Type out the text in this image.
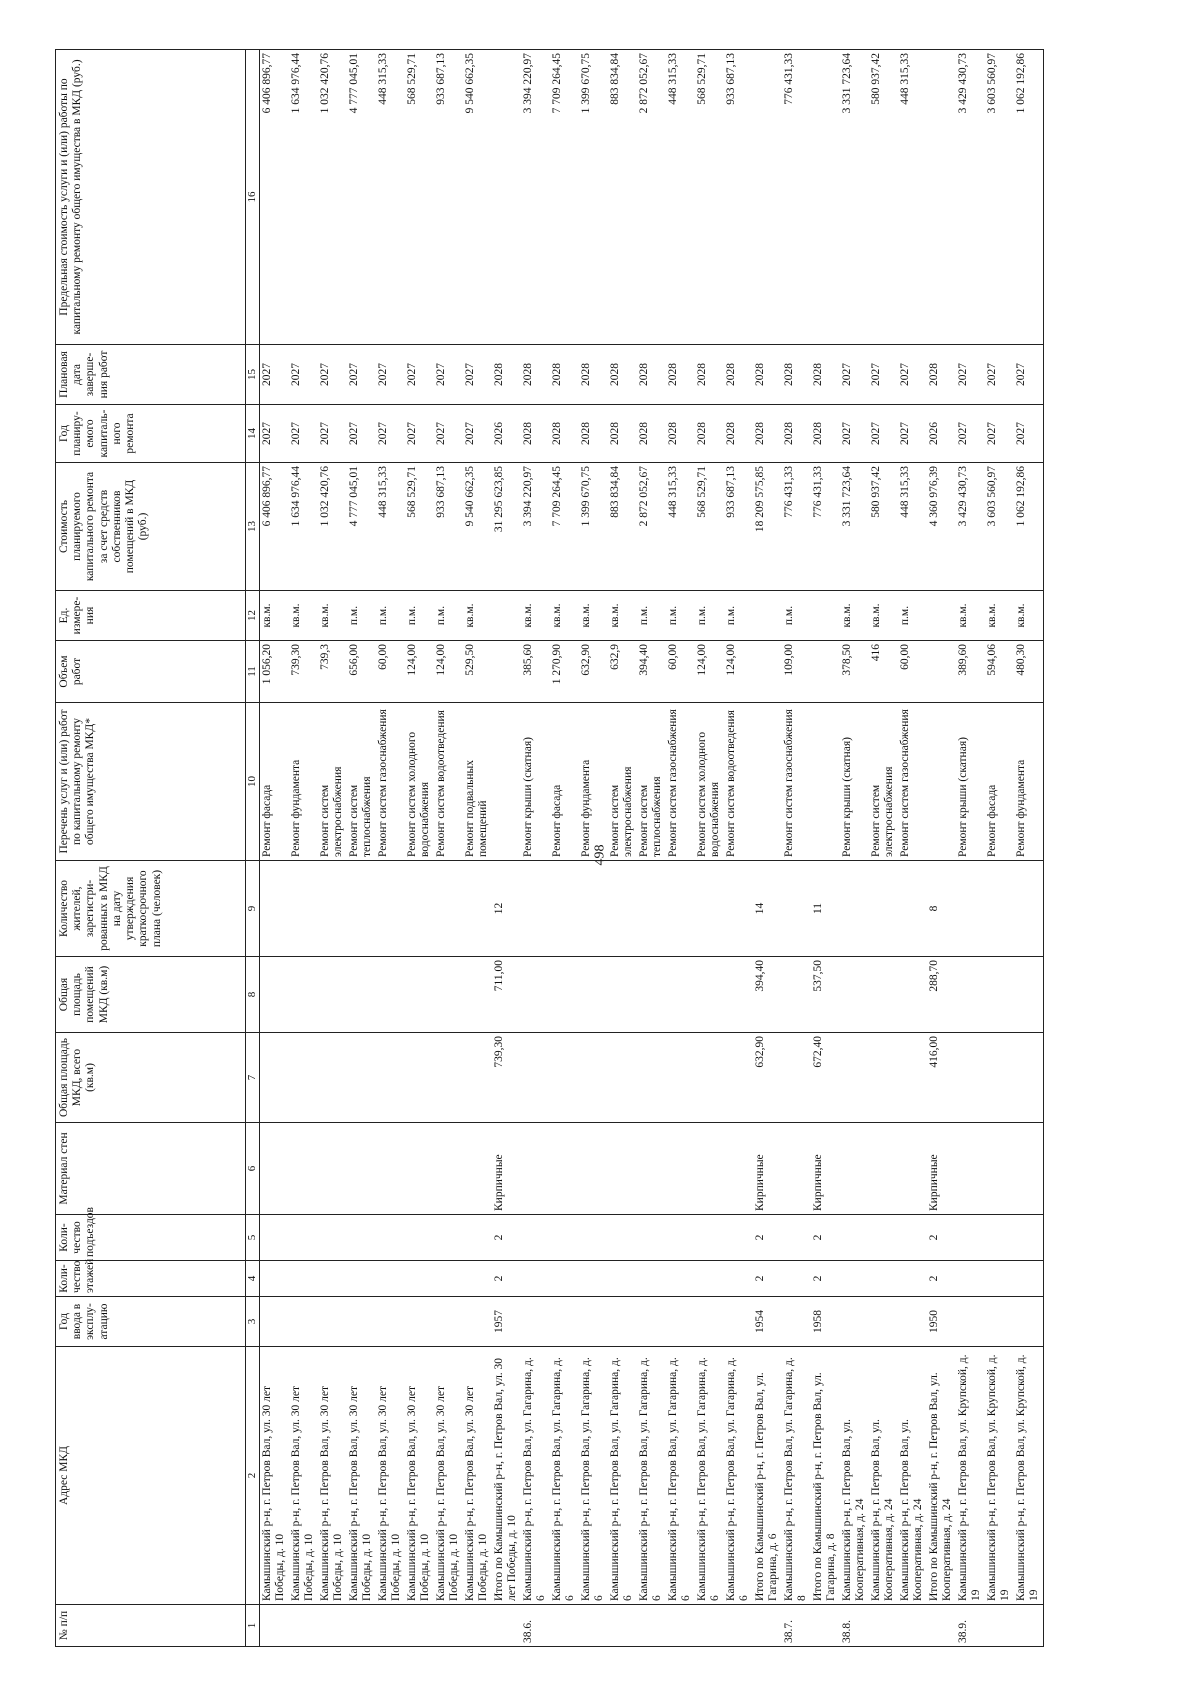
498
№ п/п	Адрес МКД	Год ввода в эксплу-атацию	Коли-чество этажей	Коли-чество подъездов	Материал стен	Общая площадь МКД, всего (кв.м)	Общая площадь помещений МКД (кв.м)	Количество жителей, зарегистри-рованных в МКД на дату утверждения краткосрочного плана (человек)	Перечень услуг и (или) работ по капитальному ремонту общего имущества МКД*	Объем работ	Ед. измере-ния	Стоимость планируемого капитального ремонта за счет средств собственников помещений в МКД (руб.)	Год планиру-емого капиталь-ного ремонта	Плановая дата заверше-ния работ	Предельная стоимость услуги и (или) работы по капитальному ремонту общего имущества в МКД (руб.)
1	2	3	4	5	6	7	8	9	10	11	12	13	14	15	16
	Камышинский р-н, г. Петров Вал, ул. 30 лет Победы, д. 10								Ремонт фасада	1 056,20	кв.м.	6 406 896,77	2027	2027	6 406 896,77
	Камышинский р-н, г. Петров Вал, ул. 30 лет Победы, д. 10								Ремонт фундамента	739,30	кв.м.	1 634 976,44	2027	2027	1 634 976,44
	Камышинский р-н, г. Петров Вал, ул. 30 лет Победы, д. 10								Ремонт систем электроснабжения	739,3	кв.м.	1 032 420,76	2027	2027	1 032 420,76
	Камышинский р-н, г. Петров Вал, ул. 30 лет Победы, д. 10								Ремонт систем теплоснабжения	656,00	п.м.	4 777 045,01	2027	2027	4 777 045,01
	Камышинский р-н, г. Петров Вал, ул. 30 лет Победы, д. 10								Ремонт систем газоснабжения	60,00	п.м.	448 315,33	2027	2027	448 315,33
	Камышинский р-н, г. Петров Вал, ул. 30 лет Победы, д. 10								Ремонт систем холодного водоснабжения	124,00	п.м.	568 529,71	2027	2027	568 529,71
	Камышинский р-н, г. Петров Вал, ул. 30 лет Победы, д. 10								Ремонт систем водоотведения	124,00	п.м.	933 687,13	2027	2027	933 687,13
	Камышинский р-н, г. Петров Вал, ул. 30 лет Победы, д. 10								Ремонт подвальных помещений	529,50	кв.м.	9 540 662,35	2027	2027	9 540 662,35
	Итого по Камышинский р-н, г. Петров Вал, ул. 30 лет Победы, д. 10	1957	2	2	Кирпичные	739,30	711,00	12				31 295 623,85	2026	2028	
38.6.	Камышинский р-н, г. Петров Вал, ул. Гагарина, д. 6								Ремонт крыши (скатная)	385,60	кв.м.	3 394 220,97	2028	2028	3 394 220,97
	Камышинский р-н, г. Петров Вал, ул. Гагарина, д. 6								Ремонт фасада	1 270,90	кв.м.	7 709 264,45	2028	2028	7 709 264,45
	Камышинский р-н, г. Петров Вал, ул. Гагарина, д. 6								Ремонт фундамента	632,90	кв.м.	1 399 670,75	2028	2028	1 399 670,75
	Камышинский р-н, г. Петров Вал, ул. Гагарина, д. 6								Ремонт систем электроснабжения	632,9	кв.м.	883 834,84	2028	2028	883 834,84
	Камышинский р-н, г. Петров Вал, ул. Гагарина, д. 6								Ремонт систем теплоснабжения	394,40	п.м.	2 872 052,67	2028	2028	2 872 052,67
	Камышинский р-н, г. Петров Вал, ул. Гагарина, д. 6								Ремонт систем газоснабжения	60,00	п.м.	448 315,33	2028	2028	448 315,33
	Камышинский р-н, г. Петров Вал, ул. Гагарина, д. 6								Ремонт систем холодного водоснабжения	124,00	п.м.	568 529,71	2028	2028	568 529,71
	Камышинский р-н, г. Петров Вал, ул. Гагарина, д. 6								Ремонт систем водоотведения	124,00	п.м.	933 687,13	2028	2028	933 687,13
	Итого по Камышинский р-н, г. Петров Вал, ул. Гагарина, д. 6	1954	2	2	Кирпичные	632,90	394,40	14				18 209 575,85	2028	2028	
38.7.	Камышинский р-н, г. Петров Вал, ул. Гагарина, д. 8								Ремонт систем газоснабжения	109,00	п.м.	776 431,33	2028	2028	776 431,33
	Итого по Камышинский р-н, г. Петров Вал, ул. Гагарина, д. 8	1958	2	2	Кирпичные	672,40	537,50	11				776 431,33	2028	2028	
38.8.	Камышинский р-н, г. Петров Вал, ул. Кооперативная, д. 24								Ремонт крыши (скатная)	378,50	кв.м.	3 331 723,64	2027	2027	3 331 723,64
	Камышинский р-н, г. Петров Вал, ул. Кооперативная, д. 24								Ремонт систем электроснабжения	416	кв.м.	580 937,42	2027	2027	580 937,42
	Камышинский р-н, г. Петров Вал, ул. Кооперативная, д. 24								Ремонт систем газоснабжения	60,00	п.м.	448 315,33	2027	2027	448 315,33
	Итого по Камышинский р-н, г. Петров Вал, ул. Кооперативная, д. 24	1950	2	2	Кирпичные	416,00	288,70	8				4 360 976,39	2026	2028	
38.9.	Камышинский р-н, г. Петров Вал, ул. Крупской, д. 19								Ремонт крыши (скатная)	389,60	кв.м.	3 429 430,73	2027	2027	3 429 430,73
	Камышинский р-н, г. Петров Вал, ул. Крупской, д. 19								Ремонт фасада	594,06	кв.м.	3 603 560,97	2027	2027	3 603 560,97
	Камышинский р-н, г. Петров Вал, ул. Крупской, д. 19								Ремонт фундамента	480,30	кв.м.	1 062 192,86	2027	2027	1 062 192,86
